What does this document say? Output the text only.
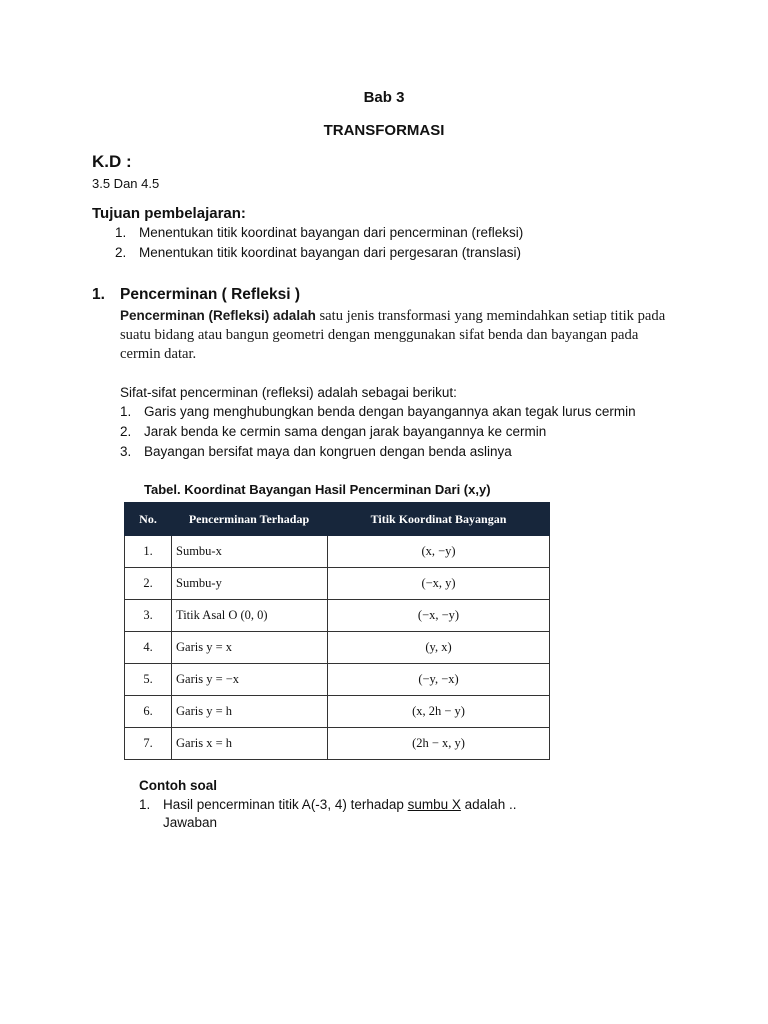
Bab 3
TRANSFORMASI
K.D :
3.5 Dan 4.5
Tujuan pembelajaran:
1. Menentukan titik koordinat bayangan dari pencerminan (refleksi)
2. Menentukan titik koordinat bayangan dari pergesaran (translasi)
1. Pencerminan ( Refleksi )
Pencerminan (Refleksi) adalah satu jenis transformasi yang memindahkan setiap titik pada suatu bidang atau bangun geometri dengan menggunakan sifat benda dan bayangan pada cermin datar.
Sifat-sifat pencerminan (refleksi) adalah sebagai berikut:
1. Garis yang menghubungkan benda dengan bayangannya akan tegak lurus cermin
2. Jarak benda ke cermin sama dengan jarak bayangannya ke cermin
3. Bayangan bersifat maya dan kongruen dengan benda aslinya
Tabel. Koordinat Bayangan Hasil Pencerminan Dari (x,y)
No.	Pencerminan Terhadap	Titik Koordinat Bayangan
1.	Sumbu-x	(x, −y)
2.	Sumbu-y	(−x, y)
3.	Titik Asal O (0, 0)	(−x, −y)
4.	Garis y = x	(y, x)
5.	Garis y = −x	(−y, −x)
6.	Garis y = h	(x, 2h − y)
7.	Garis x = h	(2h − x, y)
Contoh soal
1. Hasil pencerminan titik A(-3, 4) terhadap sumbu X adalah ..
Jawaban
